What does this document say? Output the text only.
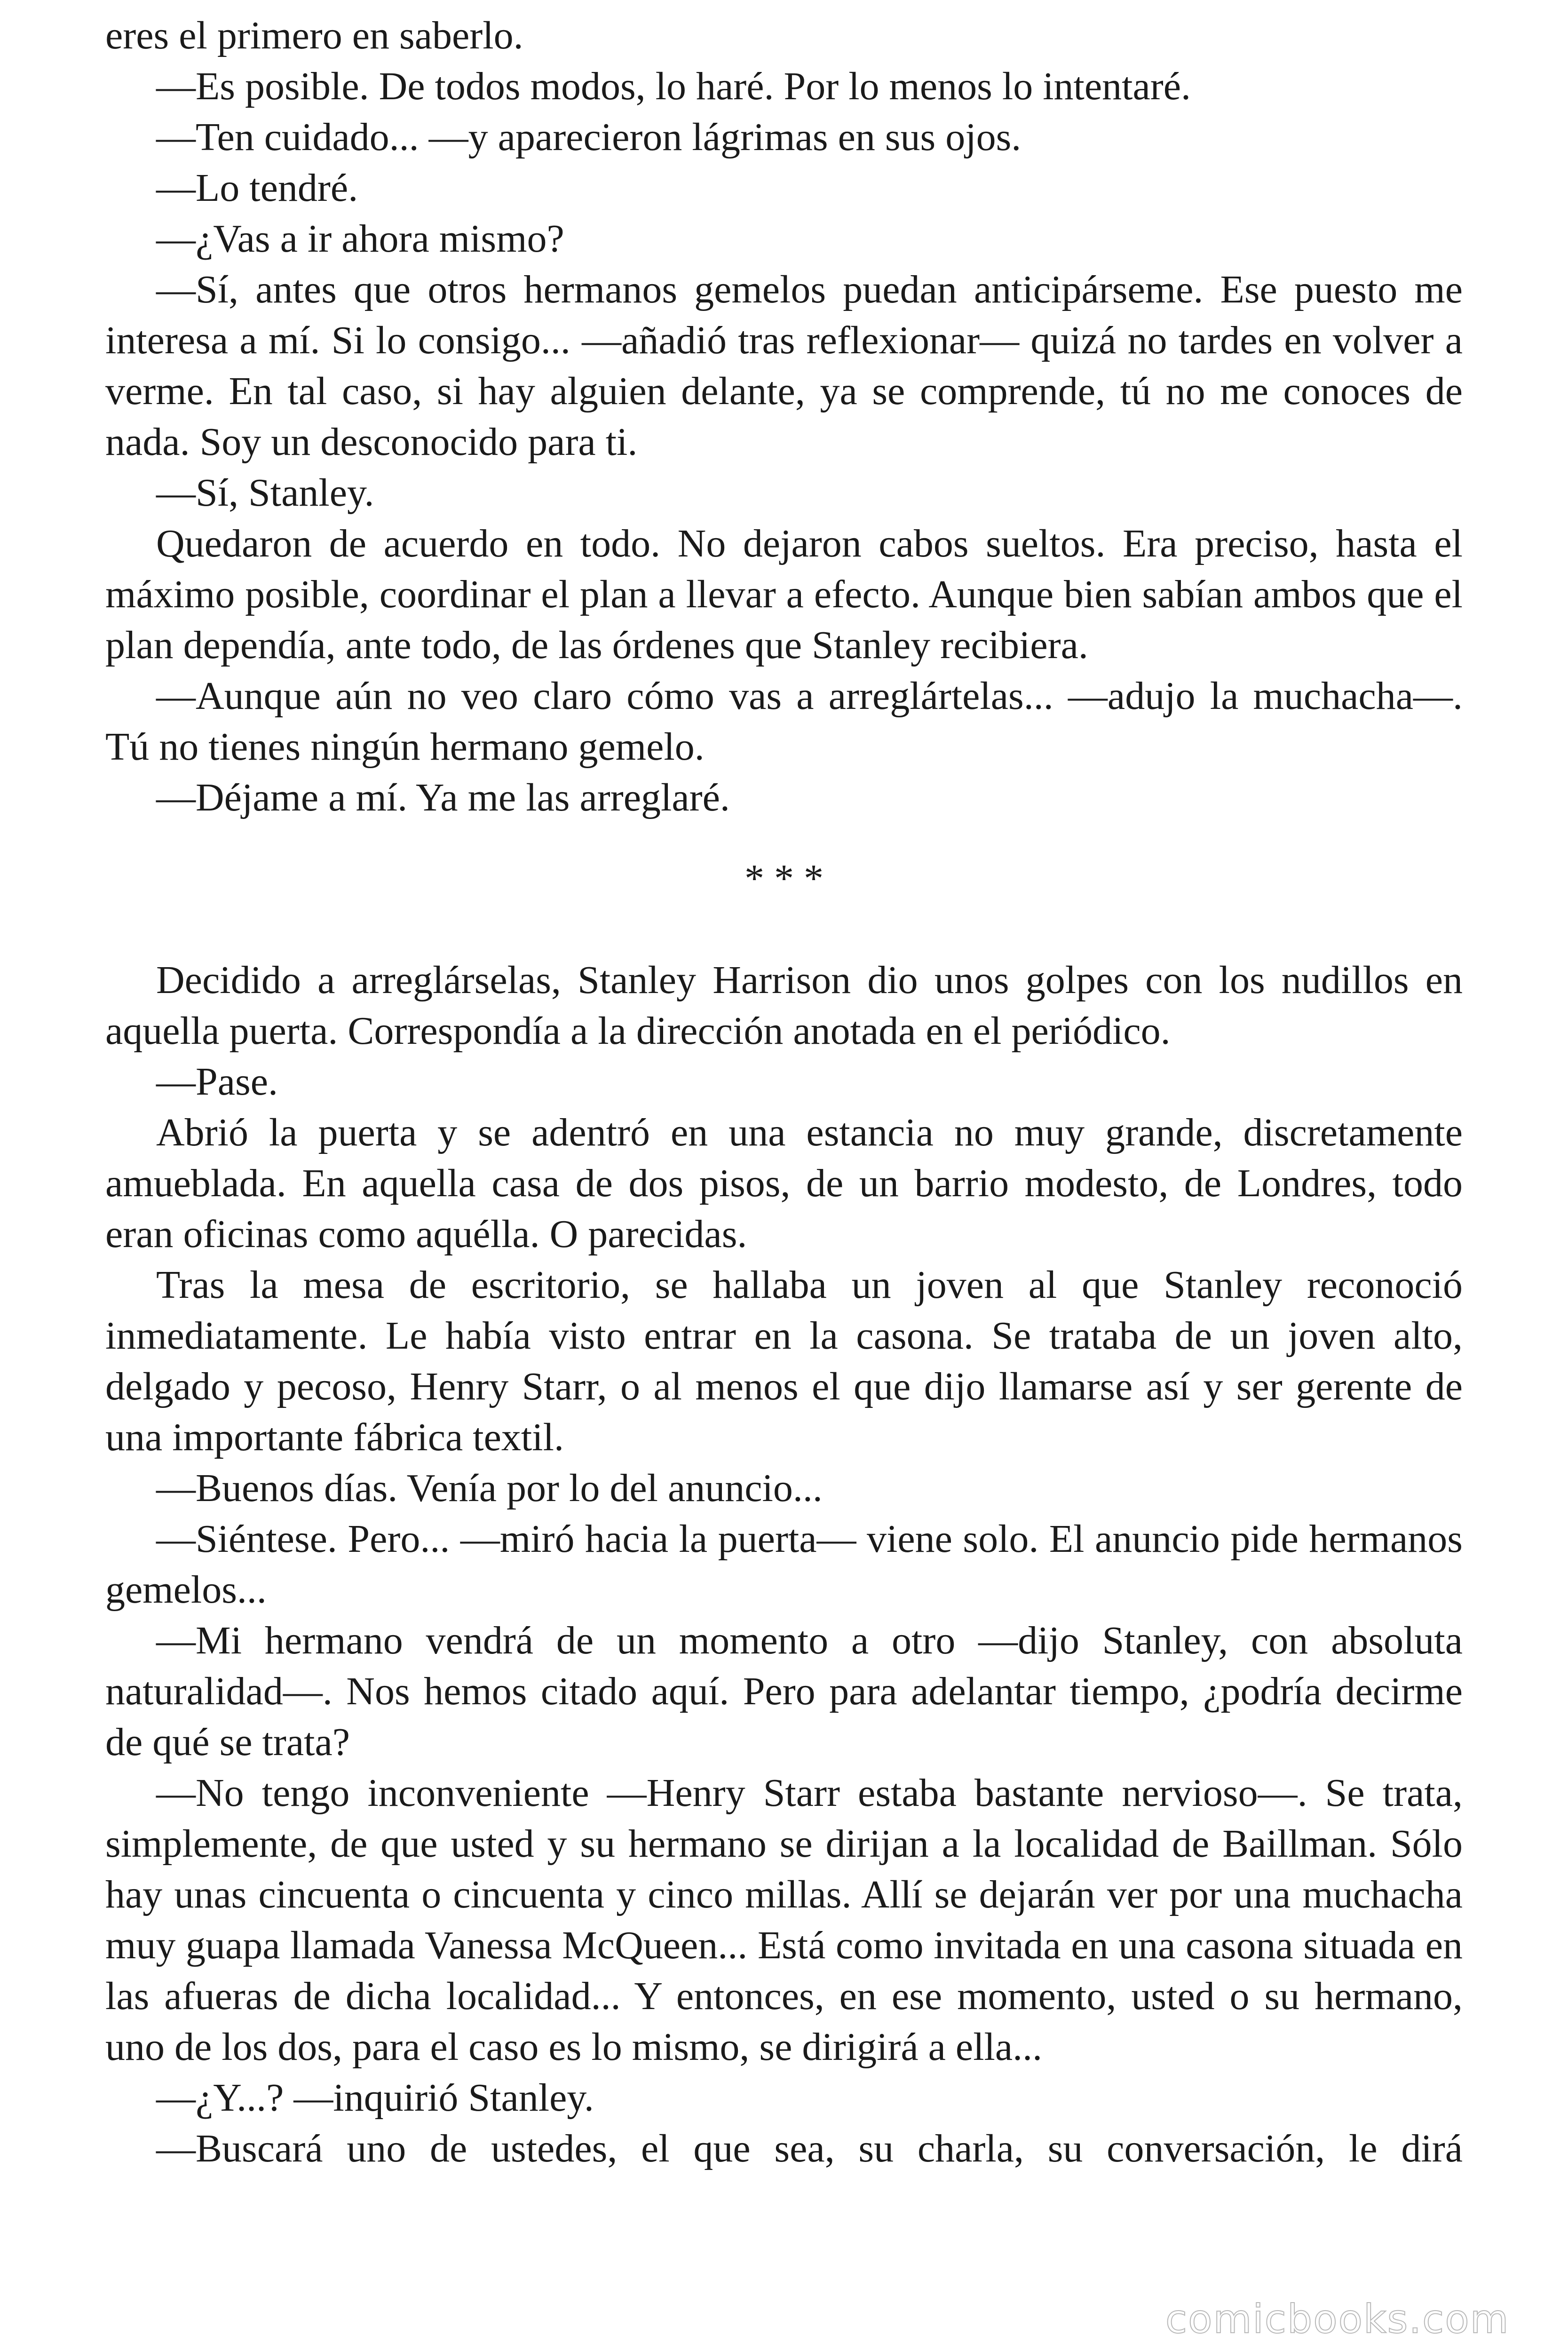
eres el primero en saberlo.

—Es posible. De todos modos, lo haré. Por lo menos lo intentaré.

—Ten cuidado... —y aparecieron lágrimas en sus ojos.

—Lo tendré.

—¿Vas a ir ahora mismo?

—Sí, antes que otros hermanos gemelos puedan anticipárseme. Ese puesto me interesa a mí. Si lo consigo... —añadió tras reflexionar— quizá no tardes en volver a verme. En tal caso, si hay alguien delante, ya se comprende, tú no me conoces de nada. Soy un desconocido para ti.

—Sí, Stanley.

Quedaron de acuerdo en todo. No dejaron cabos sueltos. Era preciso, hasta el máximo posible, coordinar el plan a llevar a efecto. Aunque bien sabían ambos que el plan dependía, ante todo, de las órdenes que Stanley recibiera.

—Aunque aún no veo claro cómo vas a arreglártelas... —adujo la muchacha—. Tú no tienes ningún hermano gemelo.

—Déjame a mí. Ya me las arreglaré.

* * *

Decidido a arreglárselas, Stanley Harrison dio unos golpes con los nudillos en aquella puerta. Correspondía a la dirección anotada en el periódico.

—Pase.

Abrió la puerta y se adentró en una estancia no muy grande, discretamente amueblada. En aquella casa de dos pisos, de un barrio modesto, de Londres, todo eran oficinas como aquélla. O parecidas.

Tras la mesa de escritorio, se hallaba un joven al que Stanley reconoció inmediatamente. Le había visto entrar en la casona. Se trataba de un joven alto, delgado y pecoso, Henry Starr, o al menos el que dijo llamarse así y ser gerente de una importante fábrica textil.

—Buenos días. Venía por lo del anuncio...

—Siéntese. Pero... —miró hacia la puerta— viene solo. El anuncio pide hermanos gemelos...

—Mi hermano vendrá de un momento a otro —dijo Stanley, con absoluta naturalidad—. Nos hemos citado aquí. Pero para adelantar tiempo, ¿podría decirme de qué se trata?

—No tengo inconveniente —Henry Starr estaba bastante nervioso—. Se trata, simplemente, de que usted y su hermano se dirijan a la localidad de Baillman. Sólo hay unas cincuenta o cincuenta y cinco millas. Allí se dejarán ver por una muchacha muy guapa llamada Vanessa McQueen... Está como invitada en una casona situada en las afueras de dicha localidad... Y entonces, en ese momento, usted o su hermano, uno de los dos, para el caso es lo mismo, se dirigirá a ella...

—¿Y...? —inquirió Stanley.

—Buscará uno de ustedes, el que sea, su charla, su conversación, le dirá

comicbooks.com
